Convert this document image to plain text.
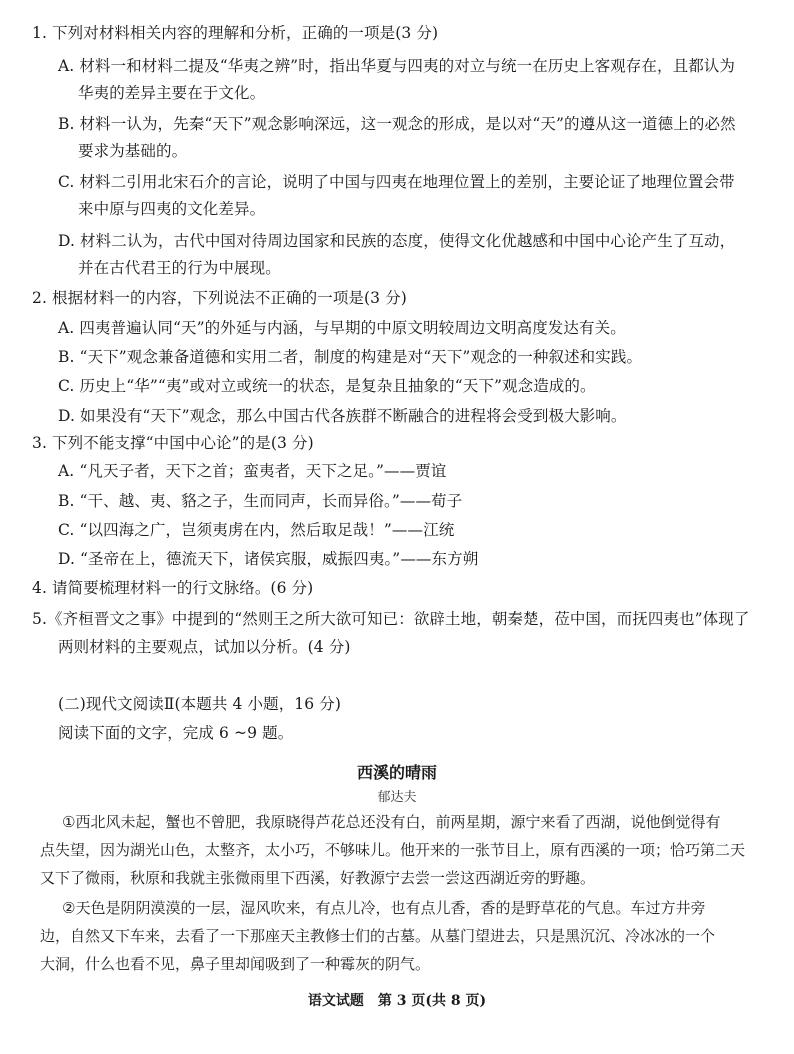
1. 下列对材料相关内容的理解和分析，正确的一项是(3 分)
A. 材料一和材料二提及“华夷之辨”时，指出华夏与四夷的对立与统一在历史上客观存在，且都认为
华夷的差异主要在于文化。
B. 材料一认为，先秦“天下”观念影响深远，这一观念的形成，是以对“天”的遵从这一道德上的必然
要求为基础的。
C. 材料二引用北宋石介的言论，说明了中国与四夷在地理位置上的差别，主要论证了地理位置会带
来中原与四夷的文化差异。
D. 材料二认为，古代中国对待周边国家和民族的态度，使得文化优越感和中国中心论产生了互动，
并在古代君王的行为中展现。
2. 根据材料一的内容，下列说法不正确的一项是(3 分)
A. 四夷普遍认同“天”的外延与内涵，与早期的中原文明较周边文明高度发达有关。
B. “天下”观念兼备道德和实用二者，制度的构建是对“天下”观念的一种叙述和实践。
C. 历史上“华”“夷”或对立或统一的状态，是复杂且抽象的“天下”观念造成的。
D. 如果没有“天下”观念，那么中国古代各族群不断融合的进程将会受到极大影响。
3. 下列不能支撑“中国中心论”的是(3 分)
A. “凡天子者，天下之首；蛮夷者，天下之足。”——贾谊
B. “干、越、夷、貉之子，生而同声，长而异俗。”——荀子
C. “以四海之广，岂须夷虏在内，然后取足哉！”——江统
D. “圣帝在上，德流天下，诸侯宾服，威振四夷。”——东方朔
4. 请简要梳理材料一的行文脉络。(6 分)
5.《齐桓晋文之事》中提到的“然则王之所大欲可知已：欲辟土地，朝秦楚，莅中国，而抚四夷也”体现了
两则材料的主要观点，试加以分析。(4 分)
(二)现代文阅读Ⅱ(本题共 4 小题，16 分)
阅读下面的文字，完成 6 ~9 题。
西溪的晴雨
郁达夫
①西北风未起，蟹也不曾肥，我原晓得芦花总还没有白，前两星期，源宁来看了西湖，说他倒觉得有
点失望，因为湖光山色，太整齐，太小巧，不够味儿。他开来的一张节目上，原有西溪的一项；恰巧第二天
又下了微雨，秋原和我就主张微雨里下西溪，好教源宁去尝一尝这西湖近旁的野趣。
②天色是阴阴漠漠的一层，湿风吹来，有点儿冷，也有点儿香，香的是野草花的气息。车过方井旁
边，自然又下车来，去看了一下那座天主教修士们的古墓。从墓门望进去，只是黑沉沉、冷冰冰的一个
大洞，什么也看不见，鼻子里却闻吸到了一种霉灰的阴气。
语文试题　第 3 页(共 8 页)
